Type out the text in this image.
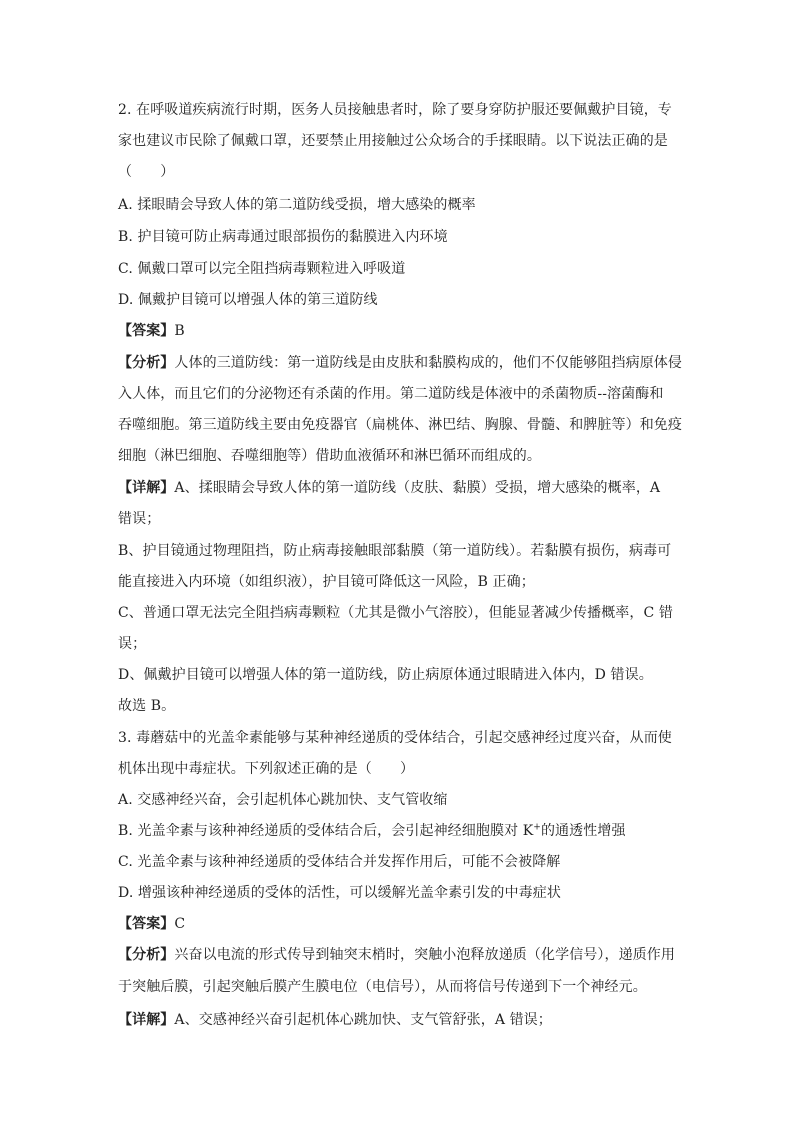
2. 在呼吸道疾病流行时期，医务人员接触患者时，除了要身穿防护服还要佩戴护目镜，专
家也建议市民除了佩戴口罩，还要禁止用接触过公众场合的手揉眼睛。以下说法正确的是
（　　）
A. 揉眼睛会导致人体的第二道防线受损，增大感染的概率
B. 护目镜可防止病毒通过眼部损伤的黏膜进入内环境
C. 佩戴口罩可以完全阻挡病毒颗粒进入呼吸道
D. 佩戴护目镜可以增强人体的第三道防线
【答案】B
【分析】人体的三道防线：第一道防线是由皮肤和黏膜构成的，他们不仅能够阻挡病原体侵
入人体，而且它们的分泌物还有杀菌的作用。第二道防线是体液中的杀菌物质--溶菌酶和
吞噬细胞。第三道防线主要由免疫器官（扁桃体、淋巴结、胸腺、骨髓、和脾脏等）和免疫
细胞（淋巴细胞、吞噬细胞等）借助血液循环和淋巴循环而组成的。
【详解】A、揉眼睛会导致人体的第一道防线（皮肤、黏膜）受损，增大感染的概率，A
错误；
B、护目镜通过物理阻挡，防止病毒接触眼部黏膜（第一道防线）。若黏膜有损伤，病毒可
能直接进入内环境（如组织液），护目镜可降低这一风险，B 正确；
C、普通口罩无法完全阻挡病毒颗粒（尤其是微小气溶胶），但能显著减少传播概率，C 错
误；
D、佩戴护目镜可以增强人体的第一道防线，防止病原体通过眼睛进入体内，D 错误。
故选 B。
3. 毒蘑菇中的光盖伞素能够与某种神经递质的受体结合，引起交感神经过度兴奋，从而使
机体出现中毒症状。下列叙述正确的是（　　）
A. 交感神经兴奋，会引起机体心跳加快、支气管收缩
B. 光盖伞素与该种神经递质的受体结合后，会引起神经细胞膜对 K+的通透性增强
C. 光盖伞素与该种神经递质的受体结合并发挥作用后，可能不会被降解
D. 增强该种神经递质的受体的活性，可以缓解光盖伞素引发的中毒症状
【答案】C
【分析】兴奋以电流的形式传导到轴突末梢时，突触小泡释放递质（化学信号），递质作用
于突触后膜，引起突触后膜产生膜电位（电信号），从而将信号传递到下一个神经元。
【详解】A、交感神经兴奋引起机体心跳加快、支气管舒张，A 错误；
